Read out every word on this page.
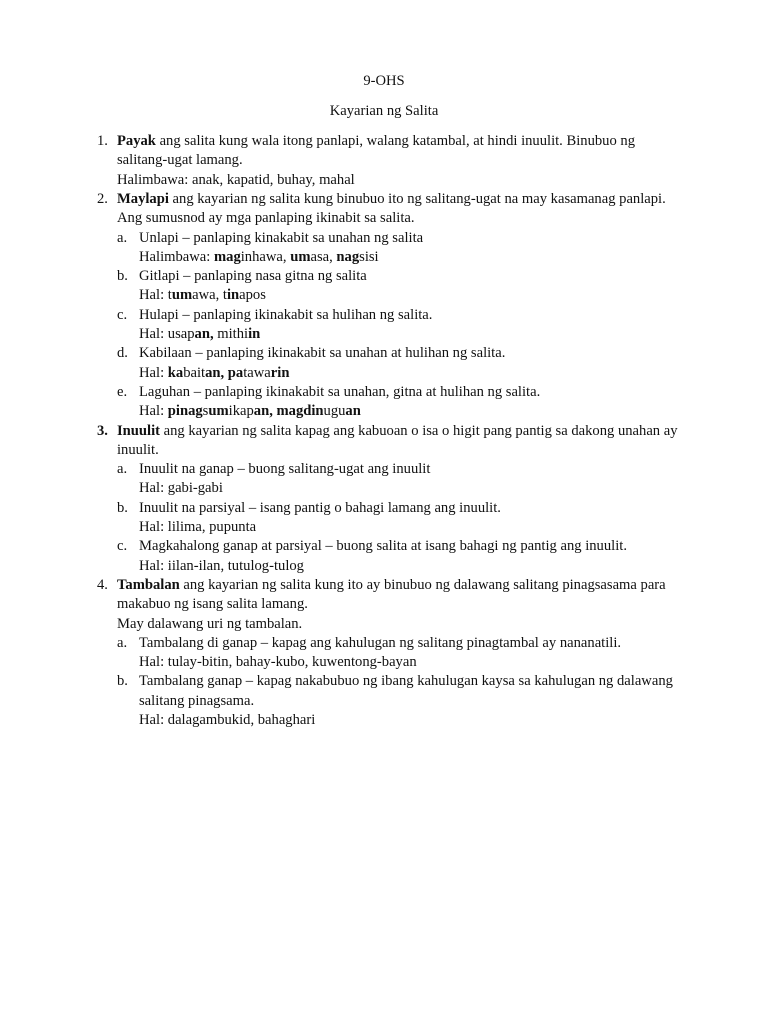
9-OHS
Kayarian ng Salita
1. Payak ang salita kung wala itong panlapi, walang katambal, at hindi inuulit. Binubuo ng
salitang-ugat lamang.
Halimbawa: anak, kapatid, buhay, mahal
2. Maylapi ang kayarian ng salita kung binubuo ito ng salitang-ugat na may kasamanag panlapi.
Ang sumusnod ay mga panlaping ikinabit sa salita.
a. Unlapi – panlaping kinakabit sa unahan ng salita
Halimbawa: maginhawa, umasa, nagsisi
b. Gitlapi – panlaping nasa gitna ng salita
Hal: tumawa, tinapos
c. Hulapi – panlaping ikinakabit sa hulihan ng salita.
Hal: usapan, mithiin
d. Kabilaan – panlaping ikinakabit sa unahan at hulihan ng salita.
Hal: kabaitan, patawarin
e. Laguhan – panlaping ikinakabit sa unahan, gitna at hulihan ng salita.
Hal: pinagsumikapan, magdinuguan
3. Inuulit ang kayarian ng salita kapag ang kabuoan o isa o higit pang pantig sa dakong unahan ay
inuulit.
a. Inuulit na ganap – buong salitang-ugat ang inuulit
Hal: gabi-gabi
b. Inuulit na parsiyal – isang pantig o bahagi lamang ang inuulit.
Hal: lilima, pupunta
c. Magkahalong ganap at parsiyal – buong salita at isang bahagi ng pantig ang inuulit.
Hal: iilan-ilan, tutulog-tulog
4. Tambalan ang kayarian ng salita kung ito ay binubuo ng dalawang salitang pinagsasama para
makabuo ng isang salita lamang.
May dalawang uri ng tambalan.
a. Tambalang di ganap – kapag ang kahulugan ng salitang pinagtambal ay nananatili.
Hal: tulay-bitin, bahay-kubo, kuwentong-bayan
b. Tambalang ganap – kapag nakabubuo ng ibang kahulugan kaysa sa kahulugan ng dalawang
salitang pinagsama.
Hal: dalagambukid, bahaghari
